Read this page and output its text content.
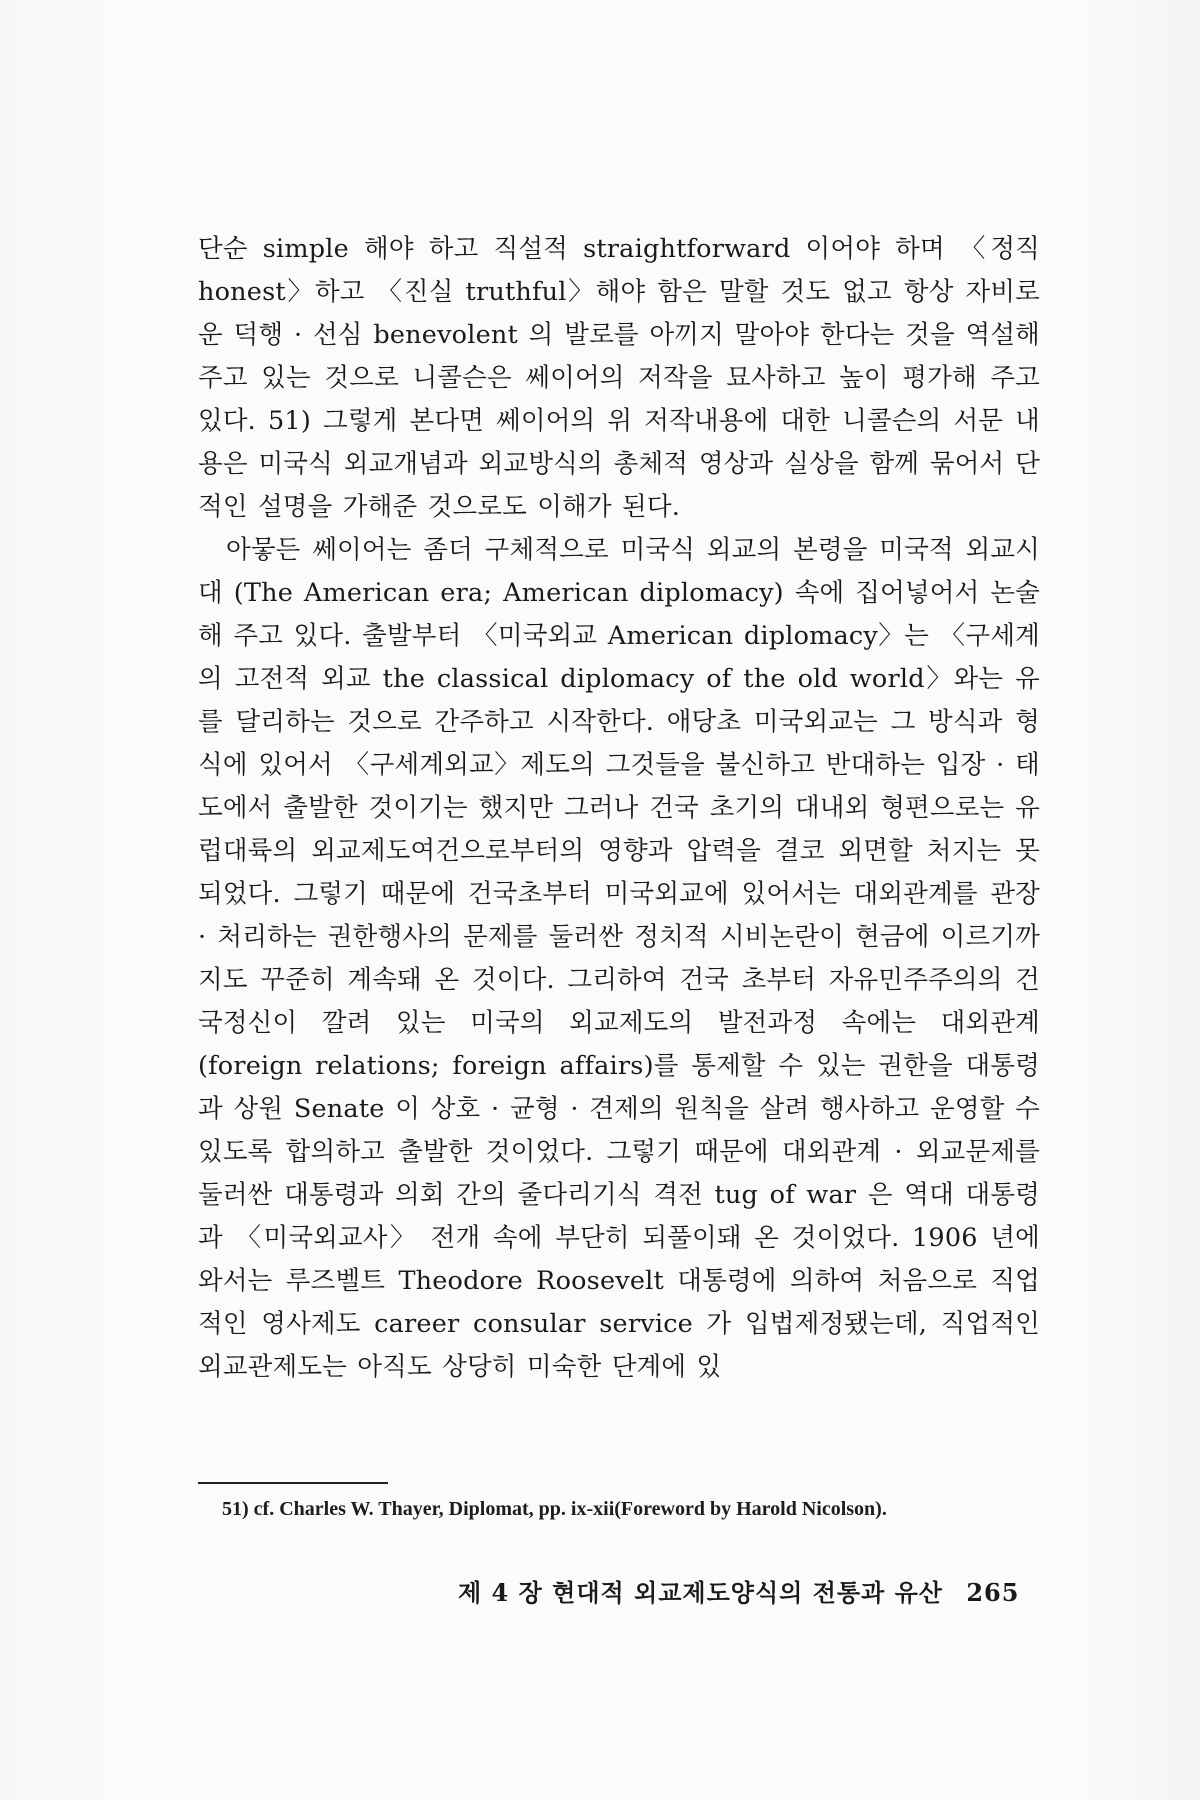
단순 simple 해야 하고 직설적 straightforward 이어야 하며 〈정직 honest〉하고 〈진실 truthful〉해야 함은 말할 것도 없고 항상 자비로운 덕행 · 선심 benevolent 의 발로를 아끼지 말아야 한다는 것을 역설해 주고 있는 것으로 니콜슨은 쎄이어의 저작을 묘사하고 높이 평가해 주고 있다. 51) 그렇게 본다면 쎄이어의 위 저작내용에 대한 니콜슨의 서문 내용은 미국식 외교개념과 외교방식의 총체적 영상과 실상을 함께 묶어서 단적인 설명을 가해준 것으로도 이해가 된다.

아뭏든 쎄이어는 좀더 구체적으로 미국식 외교의 본령을 미국적 외교시대 (The American era; American diplomacy) 속에 집어넣어서 논술해 주고 있다. 출발부터 〈미국외교 American diplomacy〉는 〈구세계의 고전적 외교 the classical diplomacy of the old world〉와는 유를 달리하는 것으로 간주하고 시작한다. 애당초 미국외교는 그 방식과 형식에 있어서 〈구세계외교〉제도의 그것들을 불신하고 반대하는 입장 · 태도에서 출발한 것이기는 했지만 그러나 건국 초기의 대내외 형편으로는 유럽대륙의 외교제도여건으로부터의 영향과 압력을 결코 외면할 처지는 못 되었다. 그렇기 때문에 건국초부터 미국외교에 있어서는 대외관계를 관장 · 처리하는 권한행사의 문제를 둘러싼 정치적 시비논란이 현금에 이르기까지도 꾸준히 계속돼 온 것이다. 그리하여 건국 초부터 자유민주주의의 건국정신이 깔려 있는 미국의 외교제도의 발전과정 속에는 대외관계 (foreign relations; foreign affairs)를 통제할 수 있는 권한을 대통령과 상원 Senate 이 상호 · 균형 · 견제의 원칙을 살려 행사하고 운영할 수 있도록 합의하고 출발한 것이었다. 그렇기 때문에 대외관계 · 외교문제를 둘러싼 대통령과 의회 간의 줄다리기식 격전 tug of war 은 역대 대통령과 〈미국외교사〉 전개 속에 부단히 되풀이돼 온 것이었다. 1906 년에 와서는 루즈벨트 Theodore Roosevelt 대통령에 의하여 처음으로 직업적인 영사제도 career consular service 가 입법제정됐는데, 직업적인 외교관제도는 아직도 상당히 미숙한 단계에 있

51) cf. Charles W. Thayer, Diplomat, pp. ix-xii(Foreword by Harold Nicolson).
제 4 장 현대적 외교제도양식의 전통과 유산 265
